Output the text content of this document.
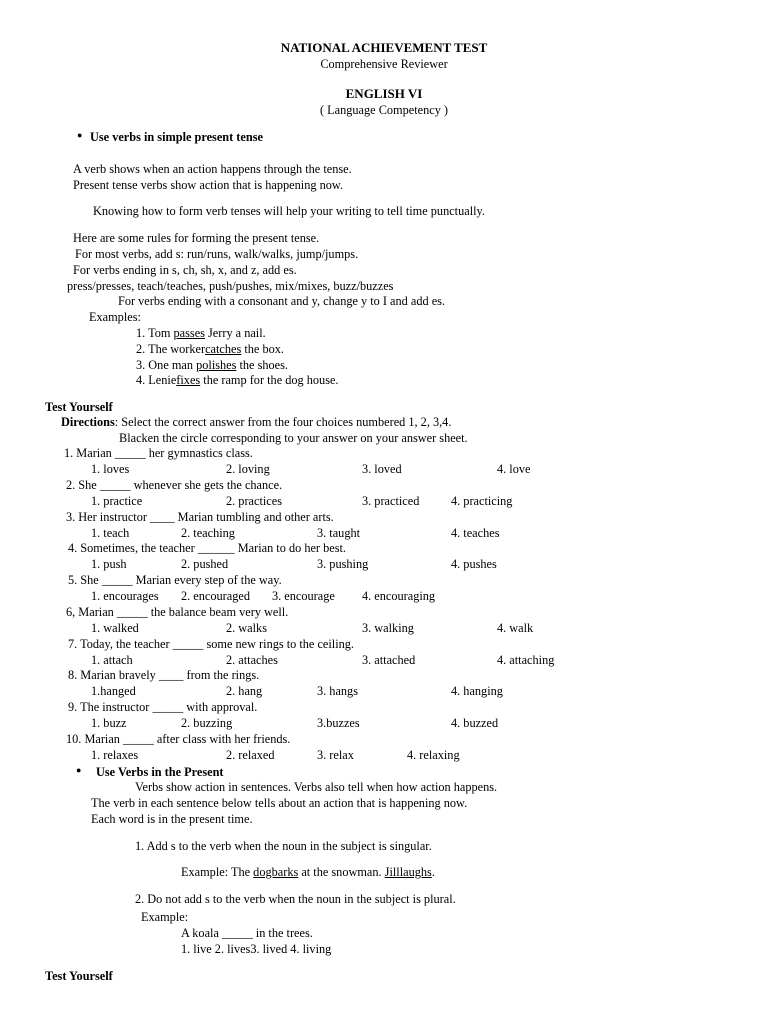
NATIONAL ACHIEVEMENT TEST
Comprehensive Reviewer
ENGLISH VI
( Language Competency )
● Use verbs in simple present tense
A verb shows when an action happens through the tense.
Present tense verbs show action that is happening now.
Knowing how to form verb tenses will help your writing to tell time punctually.
Here are some rules for forming the present tense.
For most verbs, add s: run/runs, walk/walks, jump/jumps.
For verbs ending in s, ch, sh, x, and z, add es.
press/presses, teach/teaches, push/pushes, mix/mixes, buzz/buzzes
For verbs ending with a consonant and y, change y to I and add es.
Examples:
1. Tom passes Jerry a nail.
2. The workercatches the box.
3. One man polishes the shoes.
4. Leniefixes the ramp for the dog house.
Test Yourself
Directions: Select the correct answer from the four choices numbered 1, 2, 3,4.
Blacken the circle corresponding to your answer on your answer sheet.
1. Marian _____ her gymnastics class.
1. loves	2. loving	3. loved	4. love
2. She _____ whenever she gets the chance.
1. practice	2. practices	3. practiced	4. practicing
3. Her instructor ____ Marian tumbling and other arts.
1. teach	2. teaching	3. taught	4. teaches
4. Sometimes, the teacher ______ Marian to do her best.
1. push	2. pushed	3. pushing	4. pushes
5. She _____ Marian every step of the way.
1. encourages 2. encouraged 3. encourage 4. encouraging
6, Marian _____ the balance beam very well.
1. walked	2. walks	3. walking	4. walk
7. Today, the teacher _____ some new rings to the ceiling.
1. attach	2. attaches	3. attached	4. attaching
8. Marian bravely ____ from the rings.
1.hanged	2. hang	3. hangs	4. hanging
9. The instructor _____ with approval.
1. buzz	2. buzzing	3.buzzes	4. buzzed
10. Marian _____ after class with her friends.
1. relaxes	2. relaxed	3. relax	4. relaxing
● Use Verbs in the Present
Verbs show action in sentences. Verbs also tell when how action happens.
The verb in each sentence below tells about an action that is happening now.
Each word is in the present time.
1. Add s to the verb when the noun in the subject is singular.
Example: The dogbarks at the snowman. Jilllaughs.
2. Do not add s to the verb when the noun in the subject is plural.
Example:
A koala _____ in the trees.
1. live 2. lives3. lived 4. living
Test Yourself
